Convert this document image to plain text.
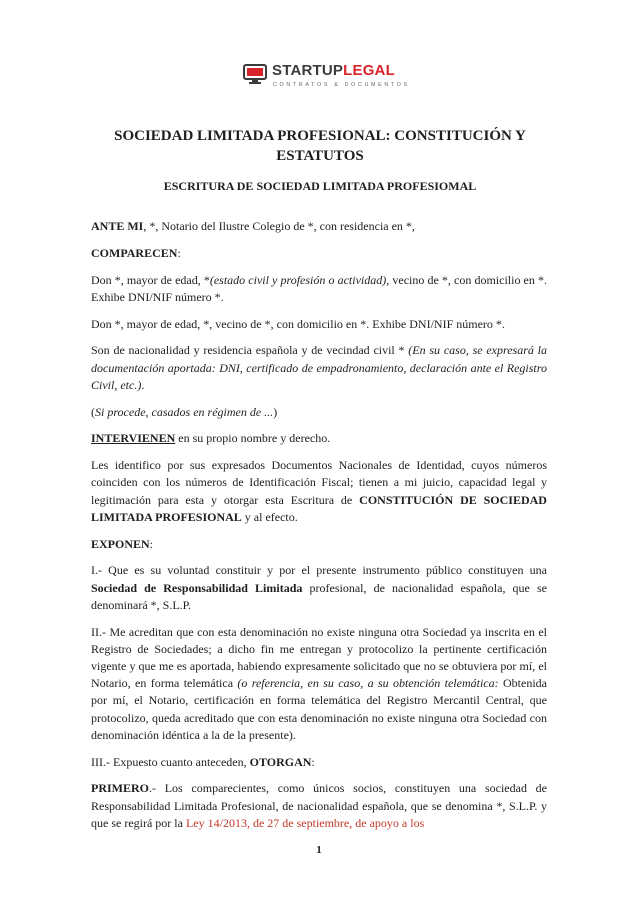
STARTUPLEGAL
CONTRATOS & DOCUMENTOS
SOCIEDAD LIMITADA PROFESIONAL: CONSTITUCIÓN Y ESTATUTOS
ESCRITURA DE SOCIEDAD LIMITADA PROFESIOMAL

ANTE MI, *, Notario del Ilustre Colegio de *, con residencia en *,

COMPARECEN:

Don *, mayor de edad, *(estado civil y profesión o actividad), vecino de *, con domicilio en *. Exhibe DNI/NIF número *.

Don *, mayor de edad, *, vecino de *, con domicilio en *. Exhibe DNI/NIF número *.

Son de nacionalidad y residencia española y de vecindad civil * (En su caso, se expresará la documentación aportada: DNI, certificado de empadronamiento, declaración ante el Registro Civil, etc.).

(Si procede, casados en régimen de ...)

INTERVIENEN en su propio nombre y derecho.

Les identifico por sus expresados Documentos Nacionales de Identidad, cuyos números coinciden con los números de Identificación Fiscal; tienen a mi juicio, capacidad legal y legitimación para esta y otorgar esta Escritura de CONSTITUCIÓN DE SOCIEDAD LIMITADA PROFESIONAL y al efecto.

EXPONEN:

I.- Que es su voluntad constituir y por el presente instrumento público constituyen una Sociedad de Responsabilidad Limitada profesional, de nacionalidad española, que se denominará *, S.L.P.

II.- Me acreditan que con esta denominación no existe ninguna otra Sociedad ya inscrita en el Registro de Sociedades; a dicho fin me entregan y protocolizo la pertinente certificación vigente y que me es aportada, habiendo expresamente solicitado que no se obtuviera por mí, el Notario, en forma telemática (o referencia, en su caso, a su obtención telemática: Obtenida por mí, el Notario, certificación en forma telemática del Registro Mercantil Central, que protocolizo, queda acreditado que con esta denominación no existe ninguna otra Sociedad con denominación idéntica a la de la presente).

III.- Expuesto cuanto anteceden, OTORGAN:

PRIMERO.- Los comparecientes, como únicos socios, constituyen una sociedad de Responsabilidad Limitada Profesional, de nacionalidad española, que se denomina *, S.L.P. y que se regirá por la Ley 14/2013, de 27 de septiembre, de apoyo a los

1
